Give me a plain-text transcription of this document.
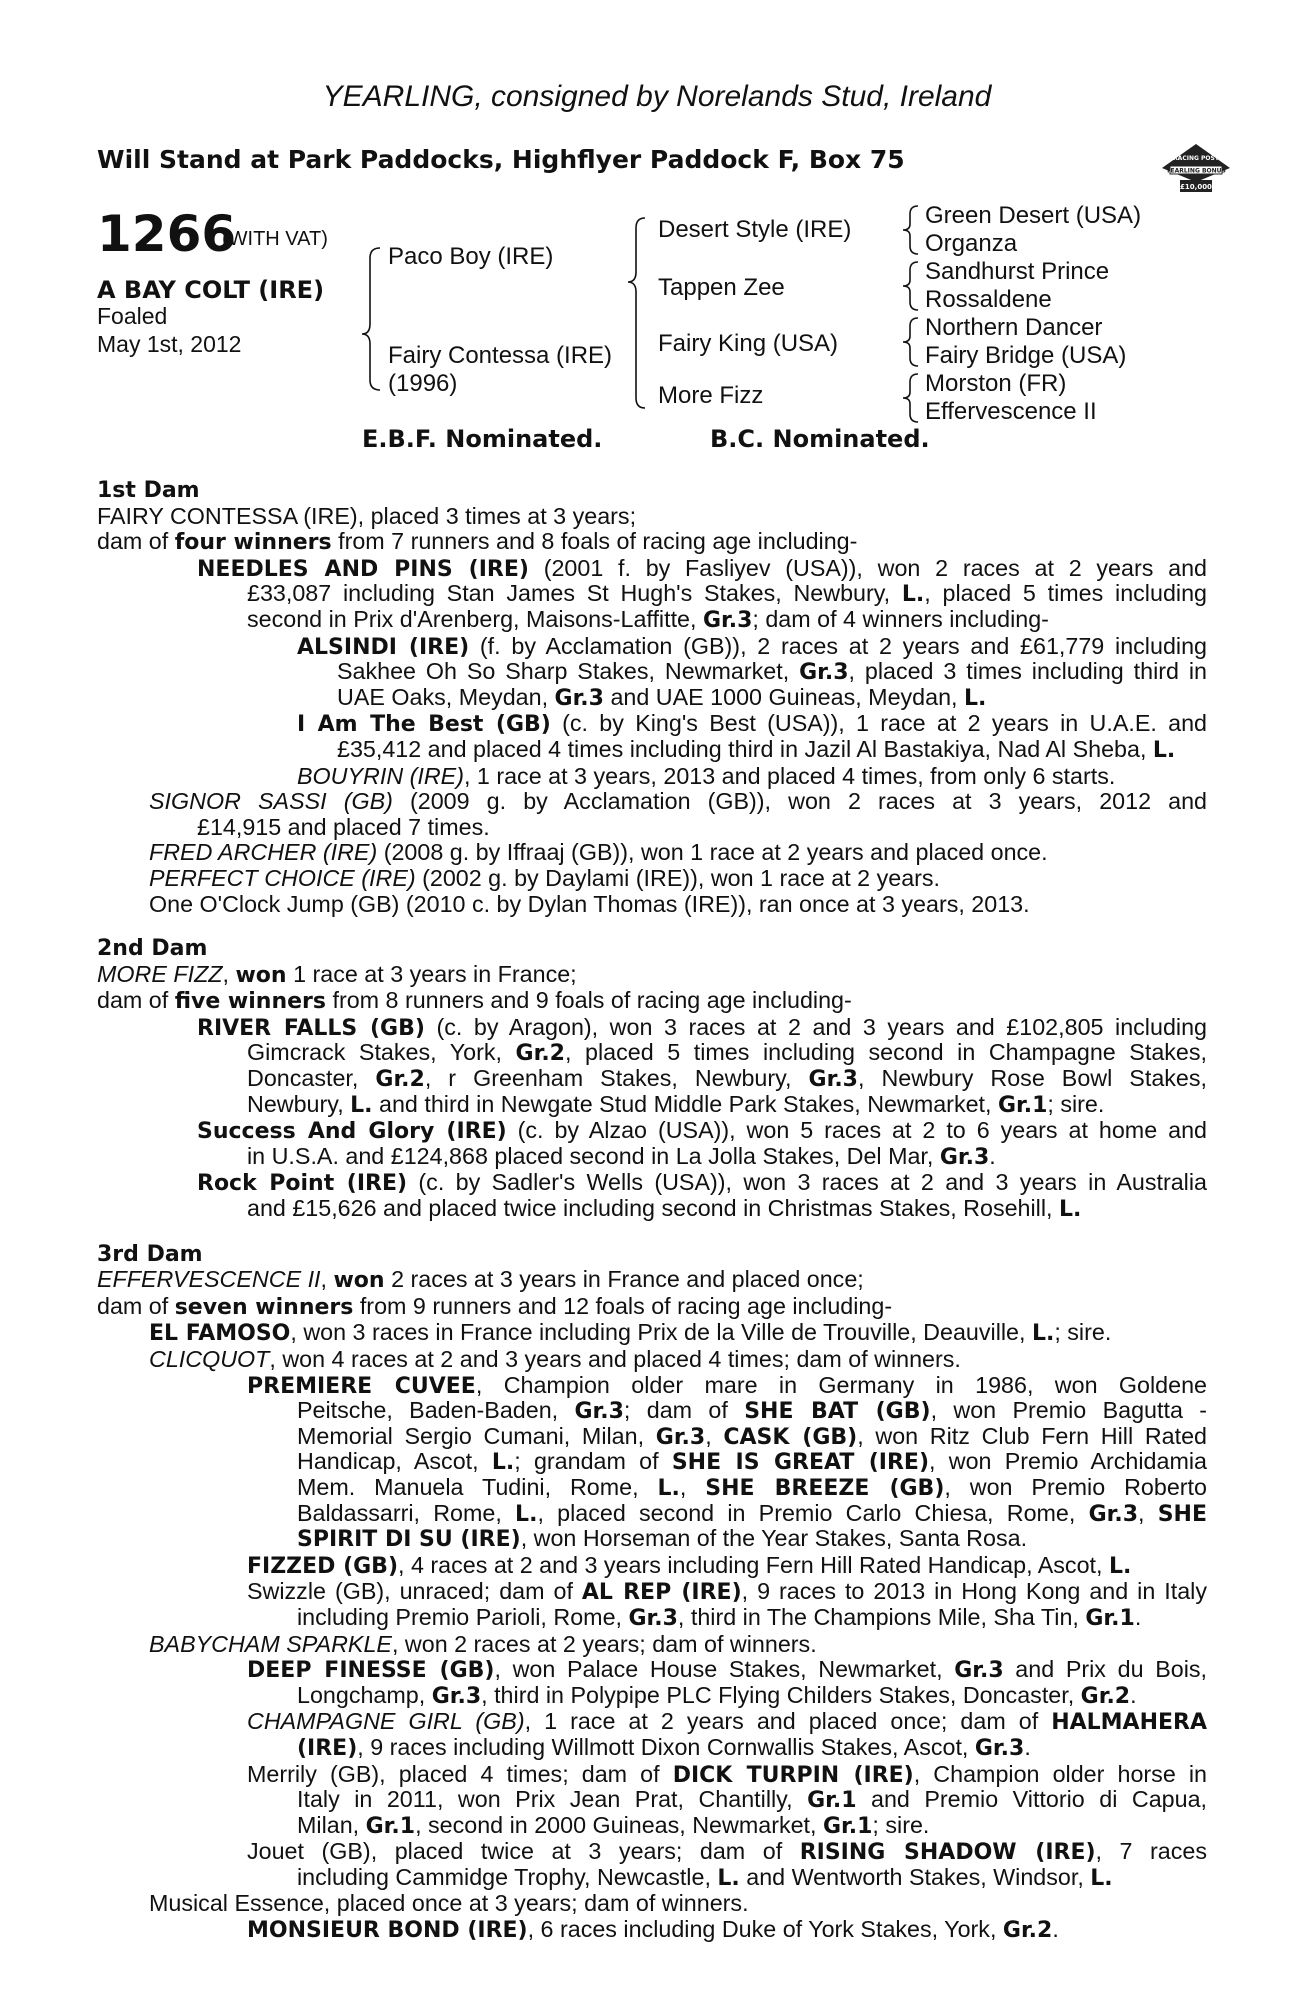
YEARLING, consigned by Norelands Stud, Ireland
Will Stand at Park Paddocks, Highflyer Paddock F, Box 75	RACING POST
YEARLING BONUS
£10,000
1266
(WITH VAT)
A BAY COLT (IRE)
Foaled
May 1st, 2012
Paco Boy (IRE)
Fairy Contessa (IRE)
(1996)
Desert Style (IRE)
Tappen Zee
Fairy King (USA)
More Fizz
Green Desert (USA)
Organza
Sandhurst Prince
Rossaldene
Northern Dancer
Fairy Bridge (USA)
Morston (FR)
Effervescence II
E.B.F. Nominated.	B.C. Nominated.
1st Dam
FAIRY CONTESSA (IRE), placed 3 times at 3 years;
dam of four winners from 7 runners and 8 foals of racing age including-
NEEDLES AND PINS (IRE) (2001 f. by Fasliyev (USA)), won 2 races at 2 years and
£33,087 including Stan James St Hugh's Stakes, Newbury, L., placed 5 times including
second in Prix d'Arenberg, Maisons-Laffitte, Gr.3; dam of 4 winners including-
ALSINDI (IRE) (f. by Acclamation (GB)), 2 races at 2 years and £61,779 including
Sakhee Oh So Sharp Stakes, Newmarket, Gr.3, placed 3 times including third in
UAE Oaks, Meydan, Gr.3 and UAE 1000 Guineas, Meydan, L.
I Am The Best (GB) (c. by King's Best (USA)), 1 race at 2 years in U.A.E. and
£35,412 and placed 4 times including third in Jazil Al Bastakiya, Nad Al Sheba, L.
BOUYRIN (IRE), 1 race at 3 years, 2013 and placed 4 times, from only 6 starts.
SIGNOR SASSI (GB) (2009 g. by Acclamation (GB)), won 2 races at 3 years, 2012 and
£14,915 and placed 7 times.
FRED ARCHER (IRE) (2008 g. by Iffraaj (GB)), won 1 race at 2 years and placed once.
PERFECT CHOICE (IRE) (2002 g. by Daylami (IRE)), won 1 race at 2 years.
One O'Clock Jump (GB) (2010 c. by Dylan Thomas (IRE)), ran once at 3 years, 2013.
2nd Dam
MORE FIZZ, won 1 race at 3 years in France;
dam of five winners from 8 runners and 9 foals of racing age including-
RIVER FALLS (GB) (c. by Aragon), won 3 races at 2 and 3 years and £102,805 including
Gimcrack Stakes, York, Gr.2, placed 5 times including second in Champagne Stakes,
Doncaster, Gr.2, r Greenham Stakes, Newbury, Gr.3, Newbury Rose Bowl Stakes,
Newbury, L. and third in Newgate Stud Middle Park Stakes, Newmarket, Gr.1; sire.
Success And Glory (IRE) (c. by Alzao (USA)), won 5 races at 2 to 6 years at home and
in U.S.A. and £124,868 placed second in La Jolla Stakes, Del Mar, Gr.3.
Rock Point (IRE) (c. by Sadler's Wells (USA)), won 3 races at 2 and 3 years in Australia
and £15,626 and placed twice including second in Christmas Stakes, Rosehill, L.
3rd Dam
EFFERVESCENCE II, won 2 races at 3 years in France and placed once;
dam of seven winners from 9 runners and 12 foals of racing age including-
EL FAMOSO, won 3 races in France including Prix de la Ville de Trouville, Deauville, L.; sire.
CLICQUOT, won 4 races at 2 and 3 years and placed 4 times; dam of winners.
PREMIERE CUVEE, Champion older mare in Germany in 1986, won Goldene
Peitsche, Baden-Baden, Gr.3; dam of SHE BAT (GB), won Premio Bagutta -
Memorial Sergio Cumani, Milan, Gr.3, CASK (GB), won Ritz Club Fern Hill Rated
Handicap, Ascot, L.; grandam of SHE IS GREAT (IRE), won Premio Archidamia
Mem. Manuela Tudini, Rome, L., SHE BREEZE (GB), won Premio Roberto
Baldassarri, Rome, L., placed second in Premio Carlo Chiesa, Rome, Gr.3, SHE
SPIRIT DI SU (IRE), won Horseman of the Year Stakes, Santa Rosa.
FIZZED (GB), 4 races at 2 and 3 years including Fern Hill Rated Handicap, Ascot, L.
Swizzle (GB), unraced; dam of AL REP (IRE), 9 races to 2013 in Hong Kong and in Italy
including Premio Parioli, Rome, Gr.3, third in The Champions Mile, Sha Tin, Gr.1.
BABYCHAM SPARKLE, won 2 races at 2 years; dam of winners.
DEEP FINESSE (GB), won Palace House Stakes, Newmarket, Gr.3 and Prix du Bois,
Longchamp, Gr.3, third in Polypipe PLC Flying Childers Stakes, Doncaster, Gr.2.
CHAMPAGNE GIRL (GB), 1 race at 2 years and placed once; dam of HALMAHERA
(IRE), 9 races including Willmott Dixon Cornwallis Stakes, Ascot, Gr.3.
Merrily (GB), placed 4 times; dam of DICK TURPIN (IRE), Champion older horse in
Italy in 2011, won Prix Jean Prat, Chantilly, Gr.1 and Premio Vittorio di Capua,
Milan, Gr.1, second in 2000 Guineas, Newmarket, Gr.1; sire.
Jouet (GB), placed twice at 3 years; dam of RISING SHADOW (IRE), 7 races
including Cammidge Trophy, Newcastle, L. and Wentworth Stakes, Windsor, L.
Musical Essence, placed once at 3 years; dam of winners.
MONSIEUR BOND (IRE), 6 races including Duke of York Stakes, York, Gr.2.
